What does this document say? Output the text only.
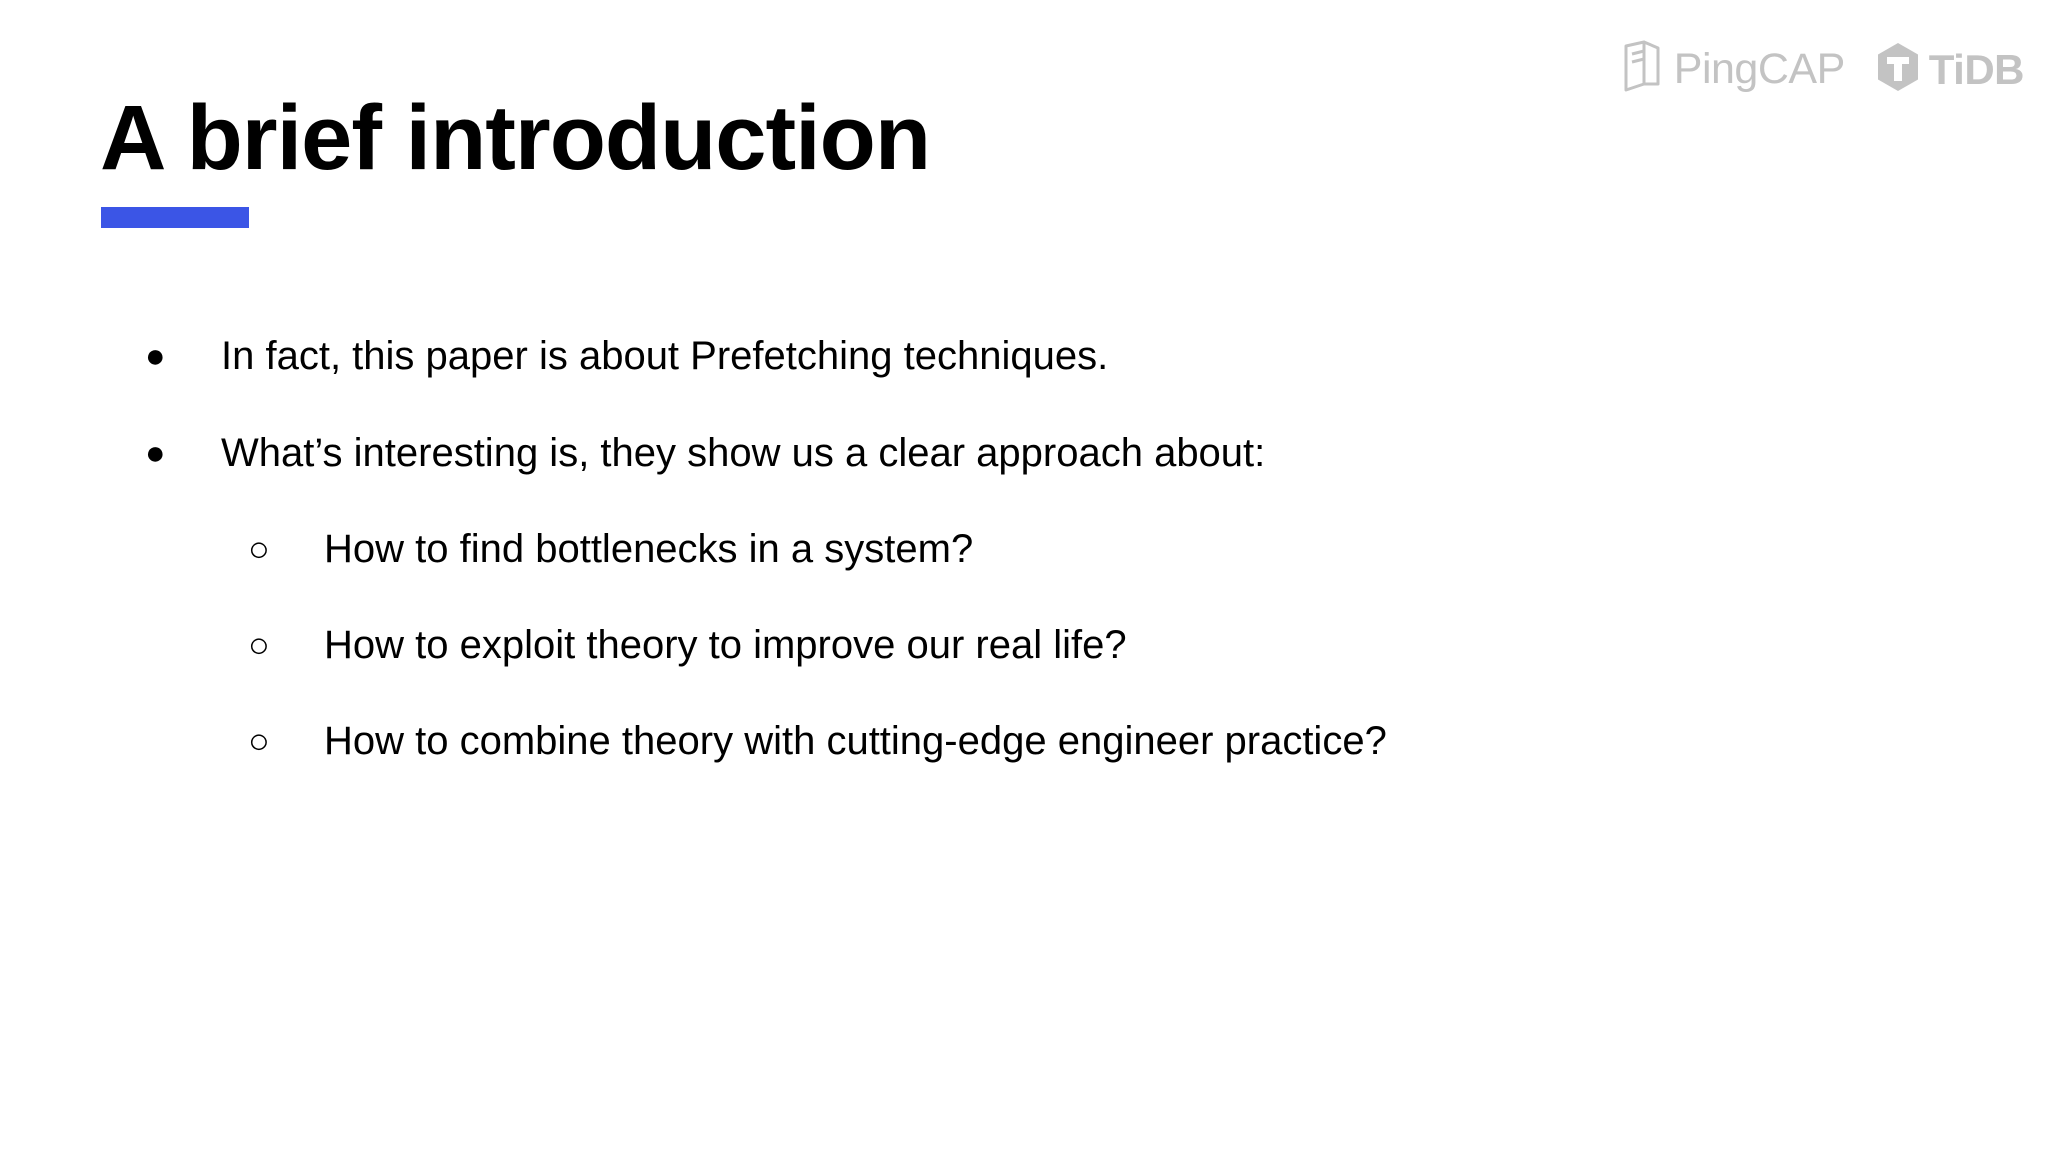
PingCAP TiDB
A brief introduction
●	In fact, this paper is about Prefetching techniques.
●	What’s interesting is, they show us a clear approach about:
○	How to find bottlenecks in a system?
○	How to exploit theory to improve our real life?
○	How to combine theory with cutting-edge engineer practice?
